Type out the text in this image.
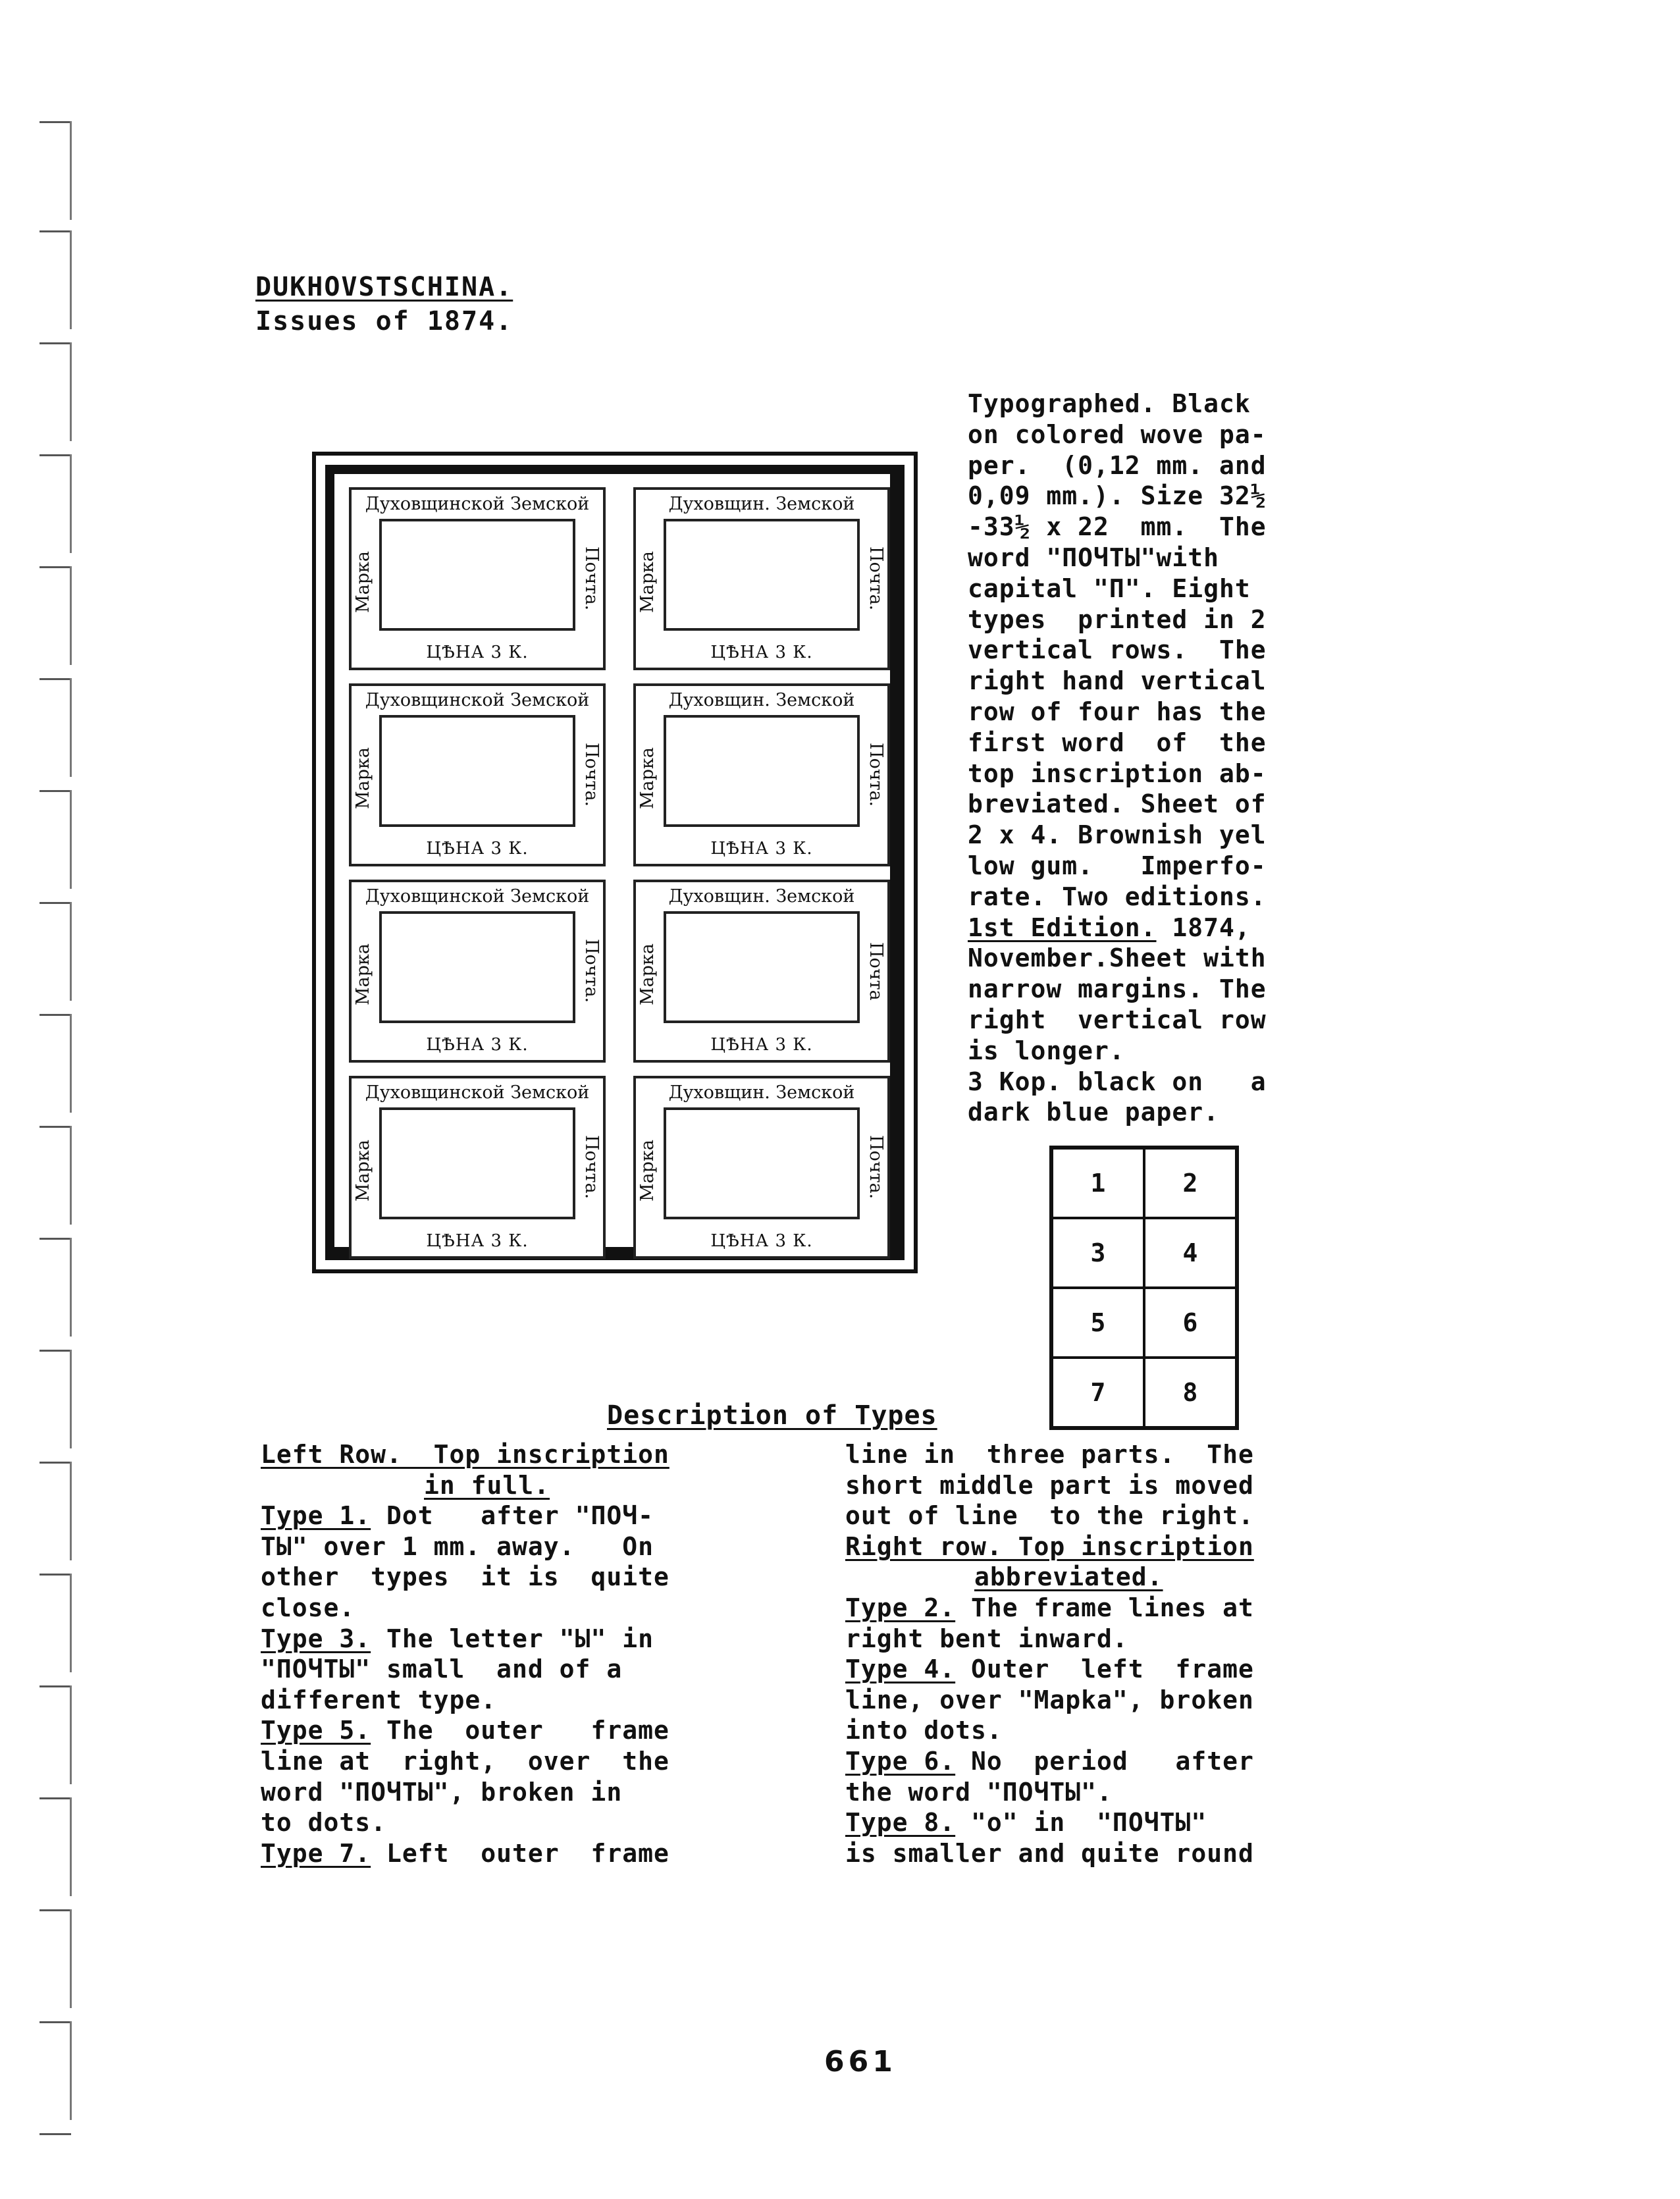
DUKHOVSTSCHINA.
Issues of 1874.
Духовщинской Земской
Марка	Почта.
ЦѢНА 3 К.
Духовщин. Земской
Марка	Почта.
ЦѢНА 3 К.
Духовщинской Земской
Марка	Почта.
ЦѢНА 3 К.
Духовщин. Земской
Марка	Почта.
ЦѢНА 3 К.
Духовщинской Земской
Марка	Почта.
ЦѢНА 3 К.
Духовщин. Земской
Марка	Почта
ЦѢНА 3 К.
Духовщинской Земской
Марка	Почта.
ЦѢНА 3 К.
Духовщин. Земской
Марка	Почта.
ЦѢНА 3 К.
Typographed. Black
on colored wove pa-
per.  (0,12 mm. and
0,09 mm.). Size 32½
-33½ x 22  mm.  The
word "ПОЧТЫ"with
capital "П". Eight
types  printed in 2
vertical rows.  The
right hand vertical
row of four has the
first word  of  the
top inscription ab-
breviated. Sheet of
2 x 4. Brownish yel
low gum.   Imperfo-
rate. Two editions.
1st Edition. 1874,
November.Sheet with
narrow margins. The
right  vertical row
is longer.
3 Kop. black on   a
dark blue paper.
1	2
3	4
5	6
7	8
Description of Types
Left Row.  Top inscription
in full.
Type 1. Dot   after "ПОЧ-
ТЫ" over 1 mm. away.   On
other  types  it is  quite
close.
Type 3. The letter "Ы" in
"ПОЧТЫ" small  and of a
different type.
Type 5. The  outer   frame
line at  right,  over  the
word "ПОЧТЫ", broken in
to dots.
Type 7. Left  outer  frame
line in  three parts.  The
short middle part is moved
out of line  to the right.
Right row. Top inscription
abbreviated.
Type 2. The frame lines at
right bent inward.
Type 4. Outer  left  frame
line, over "Mapka", broken
into dots.
Type 6. No  period   after
the word "ПОЧТЫ".
Type 8. "o" in  "ПОЧТЫ"
is smaller and quite round
661
